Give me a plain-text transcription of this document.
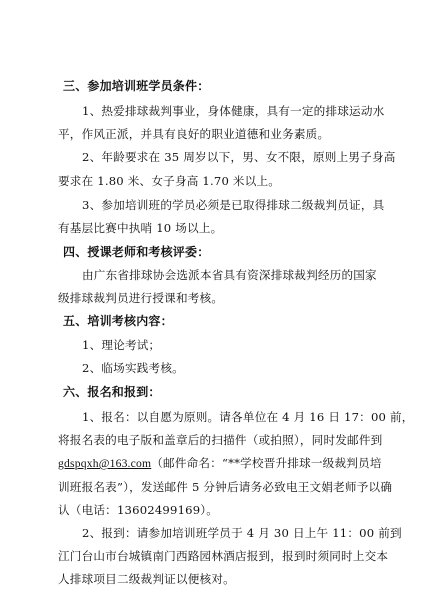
三、参加培训班学员条件：
1、热爱排球裁判事业，身体健康，具有一定的排球运动水
平，作风正派，并具有良好的职业道德和业务素质。
2、年龄要求在 35 周岁以下，男、女不限，原则上男子身高
要求在 1.80 米、女子身高 1.70 米以上。
3、参加培训班的学员必须是已取得排球二级裁判员证，具
有基层比赛中执哨 10 场以上。
四、授课老师和考核评委：
由广东省排球协会选派本省具有资深排球裁判经历的国家
级排球裁判员进行授课和考核。
五、培训考核内容：
1、理论考试；
2、临场实践考核。
六、报名和报到：
1、报名：以自愿为原则。请各单位在 4 月 16 日 17：00 前，
将报名表的电子版和盖章后的扫描件（或拍照），同时发邮件到
gdspqxh@163.com（邮件命名：“**学校晋升排球一级裁判员培
训班报名表”），发送邮件 5 分钟后请务必致电王文娟老师予以确
认（电话：13602499169）。
2、报到：请参加培训班学员于 4 月 30 日上午 11：00 前到
江门台山市台城镇南门西路园林酒店报到，报到时须同时上交本
人排球项目二级裁判证以便核对。
